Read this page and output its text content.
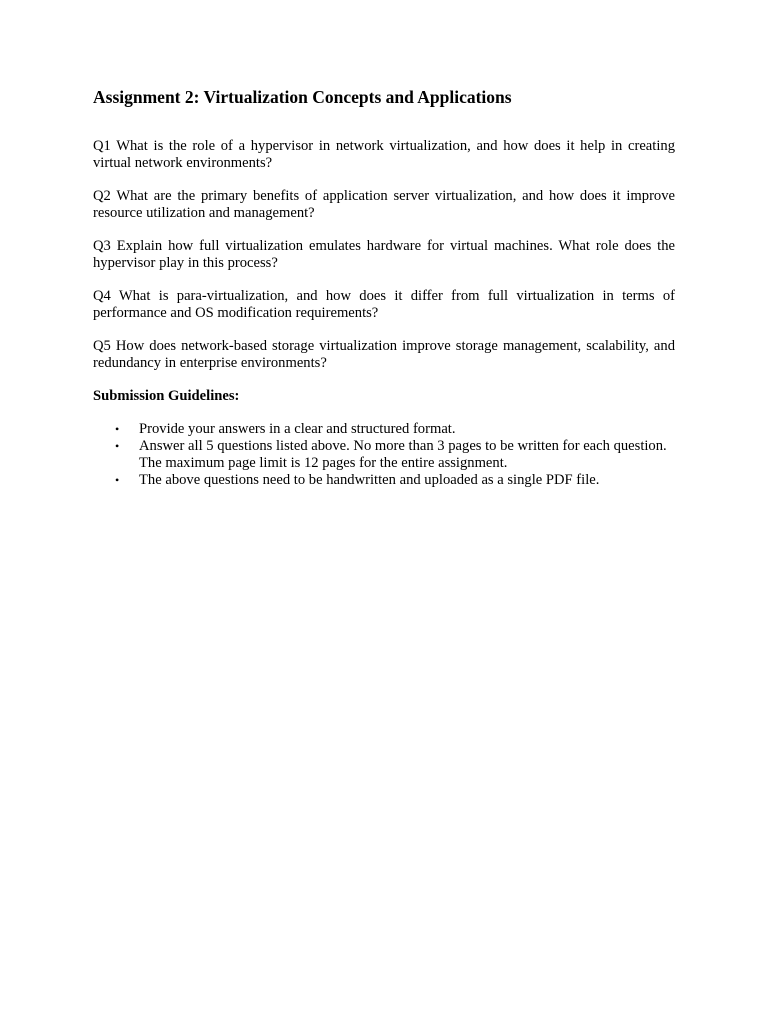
Assignment 2: Virtualization Concepts and Applications

Q1 What is the role of a hypervisor in network virtualization, and how does it help in creating virtual network environments?

Q2 What are the primary benefits of application server virtualization, and how does it improve resource utilization and management?

Q3 Explain how full virtualization emulates hardware for virtual machines. What role does the hypervisor play in this process?

Q4 What is para-virtualization, and how does it differ from full virtualization in terms of performance and OS modification requirements?

Q5 How does network-based storage virtualization improve storage management, scalability, and redundancy in enterprise environments?

Submission Guidelines:

• Provide your answers in a clear and structured format.
• Answer all 5 questions listed above. No more than 3 pages to be written for each question. The maximum page limit is 12 pages for the entire assignment.
• The above questions need to be handwritten and uploaded as a single PDF file.
